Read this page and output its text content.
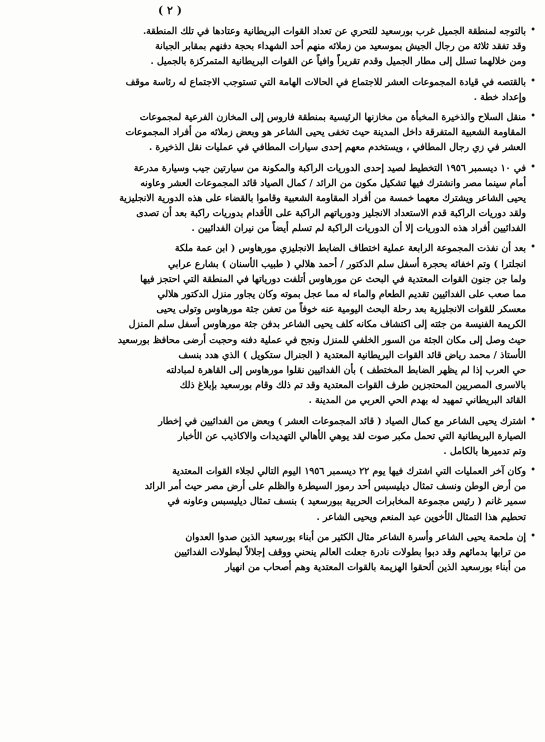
( ٢ )
•
بالتوجه لمنطقة الجميل غرب بورسعيد للتحري عن تعداد القوات البريطانية وعتادها في تلك المنطقة.
وقد تفقد ثلاثة من رجال الجيش بموسعيد من زملائه منهم أحد الشهداء بحجة دفنهم بمقابر الجبانة
ومن خلالهما تسلل إلى مطار الجميل وقدم تقريراً وافياً عن القوات البريطانية المتمركزة بالجميل .
•
بالقتصه في قيادة المجموعات العشر للاجتماع في الحالات الهامة التي تستوجب الاجتماع له رئاسة موقف
وإعداد خطة .
•
منقل السلاح والذخيرة المخبأة من مخازنها الرئيسية بمنطقة فاروس إلى المخازن الفرعية لمجموعات
المقاومة الشعبية المتفرقة داخل المدينة حيث تخفى يحيى الشاعر هو وبعض زملائه من أفراد المجموعات
العشر في زي رجال المطافي ، ويستخدم معهم إحدى سيارات المطافي في عمليات نقل الذخيرة .
•
في ١٠ ديسمبر ١٩٥٦ التخطيط لصيد إحدى الدوريات الراكبة والمكونة من سيارتين جيب وسيارة مدرعة
أمام سينما مصر وانشترك فيها تشكيل مكون من الرائد / كمال الصياد قائد المجموعات العشر وعاونه
يحيى الشاعر ويشترك معهما خمسة من أفراد المقاومة الشعبية وقاموا بالقضاء على هذه الدورية الانجليزية
ولقد دوريات الراكبة قدم الاستعداد الانجليز ودورياتهم الراكبة على الأقدام بدوريات راكبة بعد أن تصدى
الفدائيين أفراد هذه الدوريات إلا أن الدوريات الراكبة لم تسلم أيضاً من نيران الفدائيين .
•
بعد أن نفذت المجموعة الرابعة عملية اختطاف الضابط الانجليزي مورهاوس ( ابن عمة ملكة
انجلترا ) وتم اخفائه بحجرة أسفل سلم الدكتور / أحمد هلالي ( طبيب الأسنان ) بشارع عرابي
ولما جن جنون القوات المعتدية في البحث عن مورهاوس أتلفت دورياتها في المنطقة التي احتجز فيها
مما صعب على الفدائيين تقديم الطعام والماء له مما عجل بموته وكان يجاور منزل الدكتور هلالي
معسكر للقوات الانجليزية بعد رحلة البحث اليومية عنه خوفاً من تعفن جثة مورهاوس وتولى يحيى
الكريمة الفنيسة من جثته إلى اكتشاف مكانه كلف يحيى الشاعر بدفن جثة مورهاوس أسفل سلم المنزل
حيث وصل إلى مكان الجثة من السور الخلفي للمنزل ونجح في عملية دفنه وحجبت أرضى محافظ بورسعيد
الأستاذ / محمد رياض قائد القوات البريطانية المعتدية ( الجنرال ستكويل ) الذي هدد بنسف
حي العرب إذا لم يظهر الضابط المختطف ) بأن الفدائيين نقلوا مورهاوس إلى القاهرة لمبادلته
بالاسرى المصريين المحتجزين طرف القوات المعتدية وقد تم ذلك وقام بورسعيد بإبلاغ ذلك
القائد البريطاني تمهيد له بهدم الحي العربي من المدينة .
•
اشترك يحيى الشاعر مع كمال الصياد ( قائد المجموعات العشر ) وبعض من الفدائيين في إخطار
الصيارة البريطانية التي تحمل مكبر صوت لقد يوهي الأهالي التهديدات والاكاذيب عن الأخبار
وتم تدميرها بالكامل .
•
وكان آخر العمليات التي اشترك فيها يوم ٢٢ ديسمبر ١٩٥٦ اليوم التالي لجلاء القوات المعتدية
من أرض الوطن ونسف تمثال ديليسبس أحد رموز السيطرة والظلم على أرض مصر حيث أمر الرائد
سمير غانم ( رئيس مجموعة المخابرات الحربية ببورسعيد ) بنسف تمثال ديليسبس وعاونه في
تحطيم هذا التمثال الأخوين عبد المنعم ويحيى الشاعر .
•
إن ملحمة يحيى الشاعر وأسرة الشاعر مثال الكثير من أبناء بورسعيد الذين صدوا العدوان
من ترابها بدمائهم وقد دبوا بطولات نادرة جعلت العالم ينحني ووقف إجلالاً لبطولات الفدائيين
من أبناء بورسعيد الذين ألحقوا الهزيمة بالقوات المعتدية وهم أصحاب من انهيار
